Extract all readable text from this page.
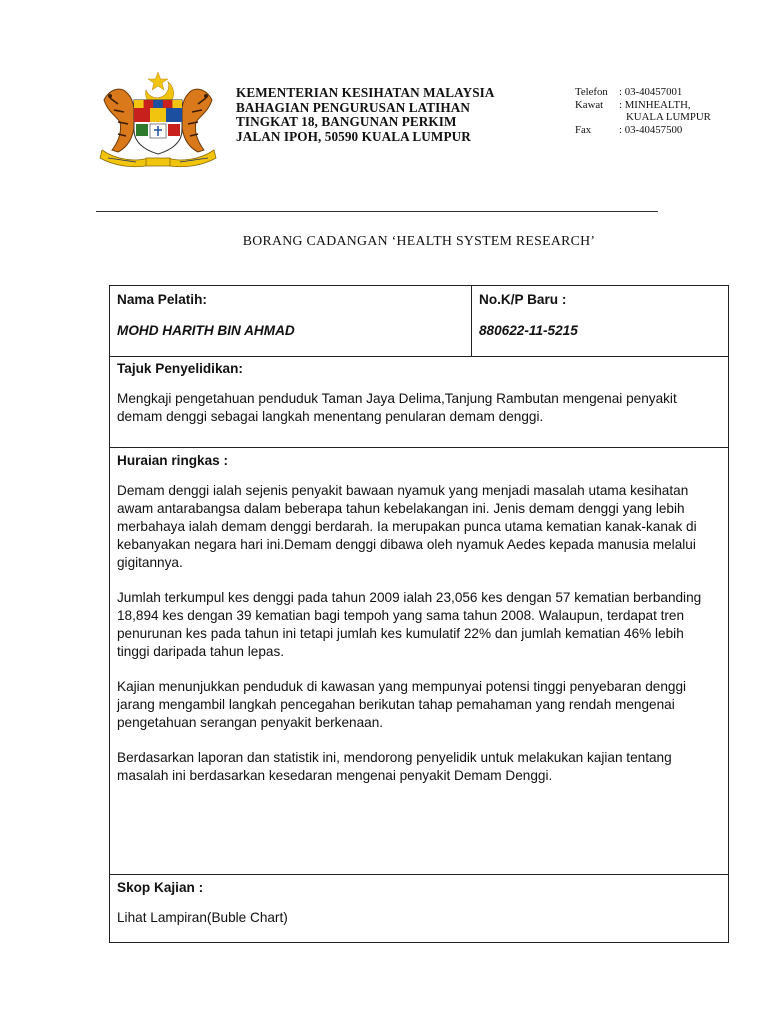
KEMENTERIAN KESIHATAN MALAYSIA
BAHAGIAN PENGURUSAN LATIHAN
TINGKAT 18, BANGUNAN PERKIM
JALAN IPOH, 50590 KUALA LUMPUR
Telefon	: 03-40457001
Kawat	: MINHEALTH,
KUALA LUMPUR
Fax	: 03-40457500
BORANG CADANGAN ‘HEALTH SYSTEM RESEARCH’
Nama Pelatih:
MOHD HARITH BIN AHMAD
No.K/P Baru :
880622-11-5215
Tajuk Penyelidikan:

Mengkaji pengetahuan penduduk Taman Jaya Delima,Tanjung Rambutan mengenai penyakit demam denggi sebagai langkah menentang penularan demam denggi.

Huraian ringkas :

Demam denggi ialah sejenis penyakit bawaan nyamuk yang menjadi masalah utama kesihatan awam antarabangsa dalam beberapa tahun kebelakangan ini. Jenis demam denggi yang lebih merbahaya ialah demam denggi berdarah. Ia merupakan punca utama kematian kanak-kanak di kebanyakan negara hari ini.Demam denggi dibawa oleh nyamuk Aedes kepada manusia melalui gigitannya.

Jumlah terkumpul kes denggi pada tahun 2009 ialah 23,056 kes dengan 57 kematian berbanding 18,894 kes dengan 39 kematian bagi tempoh yang sama tahun 2008. Walaupun, terdapat tren penurunan kes pada tahun ini tetapi jumlah kes kumulatif 22% dan jumlah kematian 46% lebih tinggi daripada tahun lepas.

Kajian menunjukkan penduduk di kawasan yang mempunyai potensi tinggi penyebaran denggi jarang mengambil langkah pencegahan berikutan tahap pemahaman yang rendah mengenai pengetahuan serangan penyakit berkenaan.

Berdasarkan laporan dan statistik ini, mendorong penyelidik untuk melakukan kajian tentang masalah ini berdasarkan kesedaran mengenai penyakit Demam Denggi.

Skop Kajian :

Lihat Lampiran(Buble Chart)
